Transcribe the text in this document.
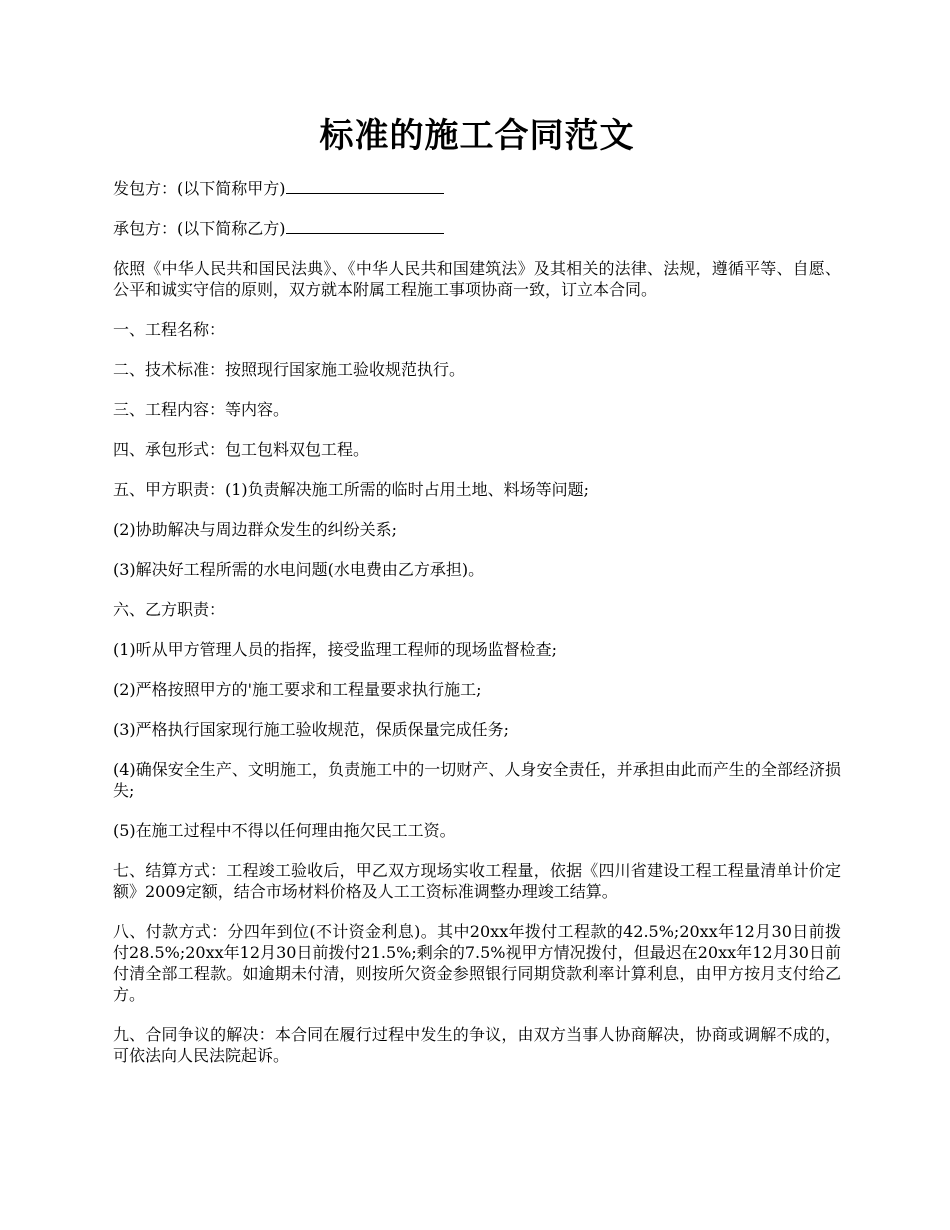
标准的施工合同范文

发包方：(以下简称甲方)

承包方：(以下简称乙方)

依照《中华人民共和国民法典》、《中华人民共和国建筑法》及其相关的法律、法规，遵循平等、自愿、公平和诚实守信的原则，双方就本附属工程施工事项协商一致，订立本合同。

一、工程名称：

二、技术标准：按照现行国家施工验收规范执行。

三、工程内容：等内容。

四、承包形式：包工包料双包工程。

五、甲方职责：(1)负责解决施工所需的临时占用土地、料场等问题;

(2)协助解决与周边群众发生的纠纷关系;

(3)解决好工程所需的水电问题(水电费由乙方承担)。

六、乙方职责：

(1)听从甲方管理人员的指挥，接受监理工程师的现场监督检查;

(2)严格按照甲方的'施工要求和工程量要求执行施工;

(3)严格执行国家现行施工验收规范，保质保量完成任务;

(4)确保安全生产、文明施工，负责施工中的一切财产、人身安全责任，并承担由此而产生的全部经济损失;

(5)在施工过程中不得以任何理由拖欠民工工资。

七、结算方式：工程竣工验收后，甲乙双方现场实收工程量，依据《四川省建设工程工程量清单计价定额》2009定额，结合市场材料价格及人工工资标准调整办理竣工结算。

八、付款方式：分四年到位(不计资金利息)。其中20xx年拨付工程款的42.5%;20xx年12月30日前拨付28.5%;20xx年12月30日前拨付21.5%;剩余的7.5%视甲方情况拨付，但最迟在20xx年12月30日前付清全部工程款。如逾期未付清，则按所欠资金参照银行同期贷款利率计算利息，由甲方按月支付给乙方。

九、合同争议的解决：本合同在履行过程中发生的争议，由双方当事人协商解决，协商或调解不成的，可依法向人民法院起诉。
